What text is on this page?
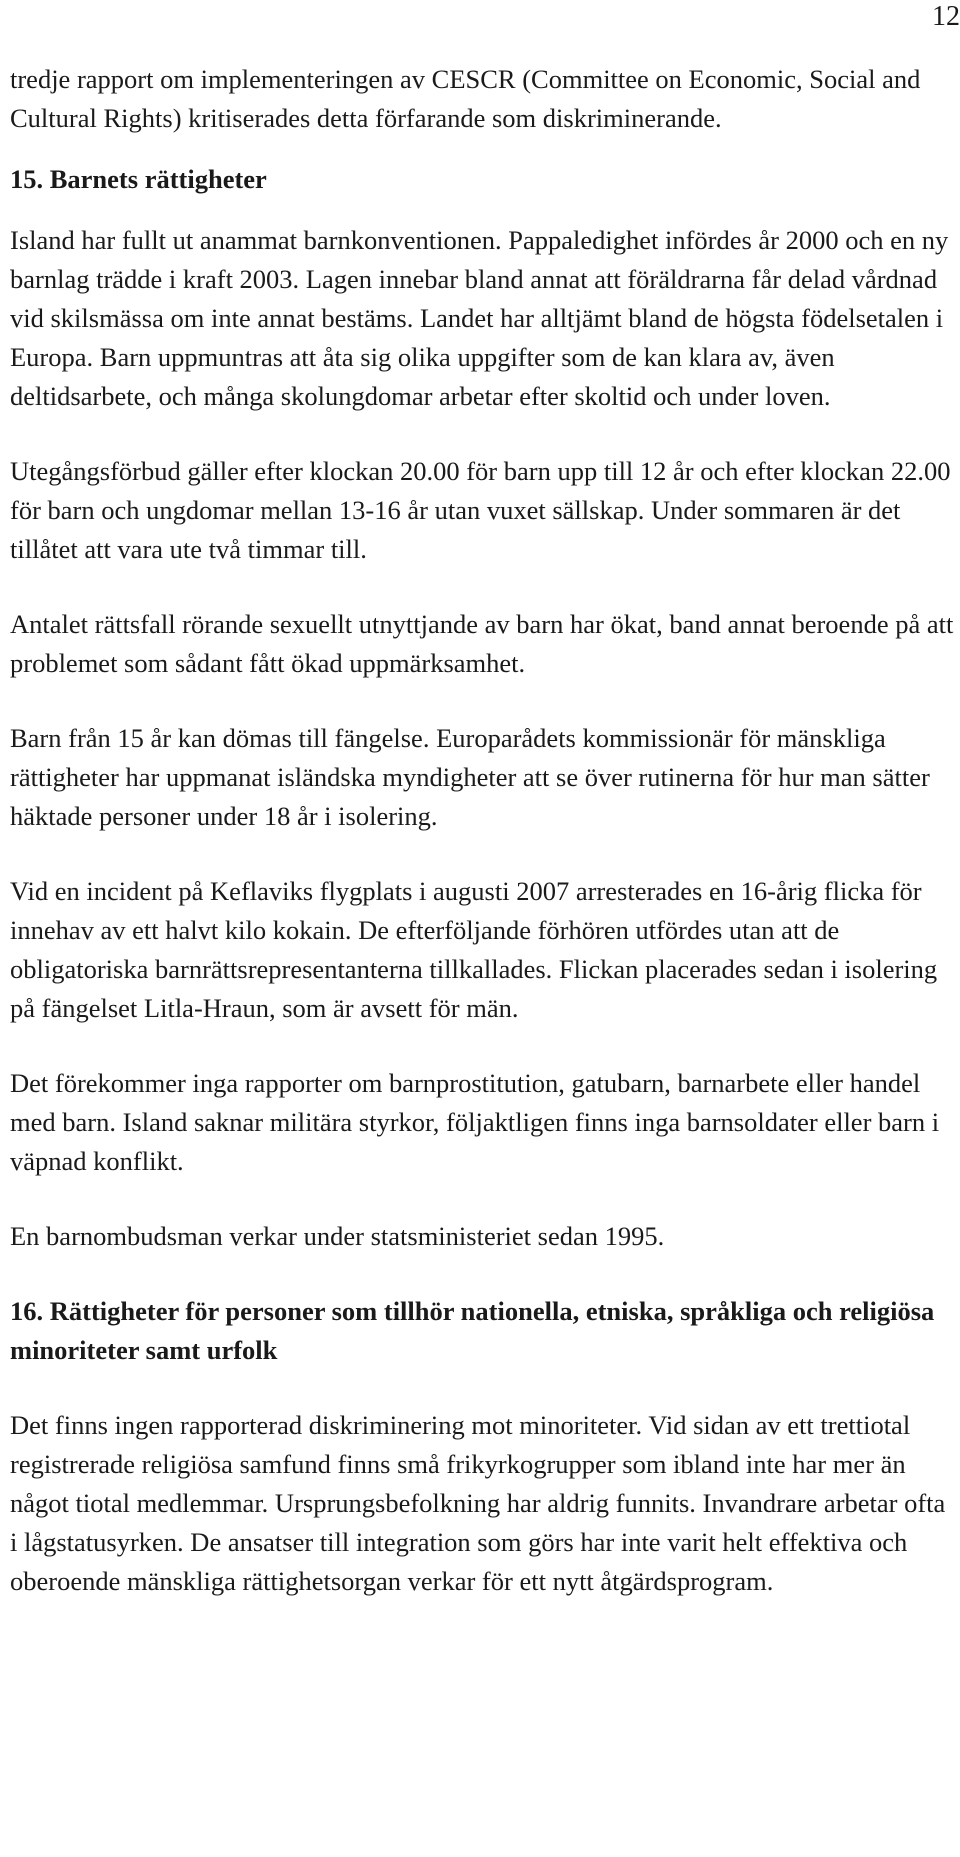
12

tredje rapport om implementeringen av CESCR (Committee on Economic, Social and Cultural Rights) kritiserades detta förfarande som diskriminerande.

15. Barnets rättigheter

Island har fullt ut anammat barnkonventionen. Pappaledighet infördes år 2000 och en ny barnlag trädde i kraft 2003. Lagen innebar bland annat att föräldrarna får delad vårdnad vid skilsmässa om inte annat bestäms. Landet har alltjämt bland de högsta födelsetalen i Europa. Barn uppmuntras att åta sig olika uppgifter som de kan klara av, även deltidsarbete, och många skolungdomar arbetar efter skoltid och under loven.

Utegångsförbud gäller efter klockan 20.00 för barn upp till 12 år och efter klockan 22.00 för barn och ungdomar mellan 13-16 år utan vuxet sällskap. Under sommaren är det tillåtet att vara ute två timmar till.

Antalet rättsfall rörande sexuellt utnyttjande av barn har ökat, band annat beroende på att problemet som sådant fått ökad uppmärksamhet.

Barn från 15 år kan dömas till fängelse. Europarådets kommissionär för mänskliga rättigheter har uppmanat isländska myndigheter att se över rutinerna för hur man sätter häktade personer under 18 år i isolering.

Vid en incident på Keflaviks flygplats i augusti 2007 arresterades en 16-årig flicka för innehav av ett halvt kilo kokain. De efterföljande förhören utfördes utan att de obligatoriska barnrättsrepresentanterna tillkallades. Flickan placerades sedan i isolering på fängelset Litla-Hraun, som är avsett för män.

Det förekommer inga rapporter om barnprostitution, gatubarn, barnarbete eller handel med barn. Island saknar militära styrkor, följaktligen finns inga barnsoldater eller barn i väpnad konflikt.

En barnombudsman verkar under statsministeriet sedan 1995.

16. Rättigheter för personer som tillhör nationella, etniska, språkliga och religiösa minoriteter samt urfolk

Det finns ingen rapporterad diskriminering mot minoriteter. Vid sidan av ett trettiotal registrerade religiösa samfund finns små frikyrkogrupper som ibland inte har mer än något tiotal medlemmar. Ursprungsbefolkning har aldrig funnits. Invandrare arbetar ofta i lågstatusyrken. De ansatser till integration som görs har inte varit helt effektiva och oberoende mänskliga rättighetsorgan verkar för ett nytt åtgärdsprogram.
